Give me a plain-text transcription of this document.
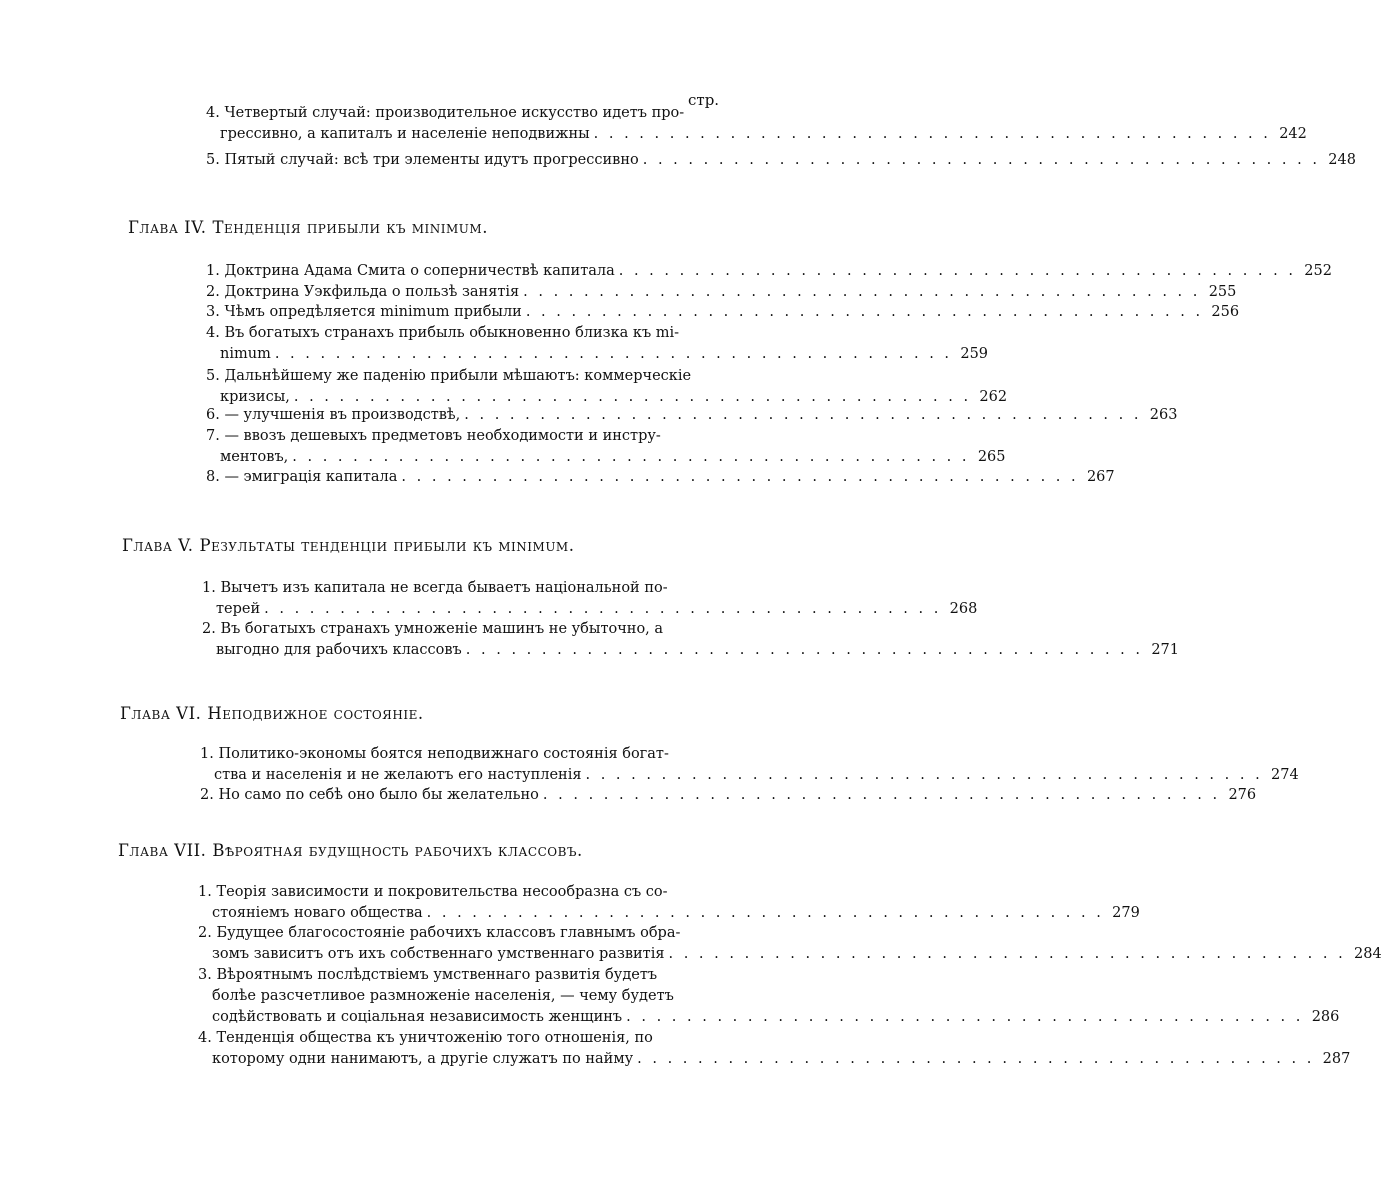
стр.
4. Четвертый случай: производительное искусство идетъ про-
грессивно, а капиталъ и населеніе неподвижны . . . . . . . . . . . . . . . . . . . . . . . . . . . . . . . . . . . . . . . . . . . . . 242
5. Пятый случай: всѣ три элементы идутъ прогрессивно . . . . . . . . . . . . . . . . . . . . . . . . . . . . . . . . . . . . . . . . . . . . . 248
Глава IV. Тенденція прибыли къ minimum.
1. Доктрина Адама Смита о соперничествѣ капитала . . . . . . . . . . . . . . . . . . . . . . . . . . . . . . . . . . . . . . . . . . . . . 252
2. Доктрина Уэкфильда о пользѣ занятія . . . . . . . . . . . . . . . . . . . . . . . . . . . . . . . . . . . . . . . . . . . . . 255
3. Чѣмъ опредѣляется minimum прибыли . . . . . . . . . . . . . . . . . . . . . . . . . . . . . . . . . . . . . . . . . . . . . 256
4. Въ богатыхъ странахъ прибыль обыкновенно близка къ mi-
nimum . . . . . . . . . . . . . . . . . . . . . . . . . . . . . . . . . . . . . . . . . . . . . 259
5. Дальнѣйшему же паденію прибыли мѣшаютъ: коммерческіе
кризисы, . . . . . . . . . . . . . . . . . . . . . . . . . . . . . . . . . . . . . . . . . . . . . 262
6. — улучшенія въ производствѣ, . . . . . . . . . . . . . . . . . . . . . . . . . . . . . . . . . . . . . . . . . . . . . 263
7. — ввозъ дешевыхъ предметовъ необходимости и инстру-
ментовъ, . . . . . . . . . . . . . . . . . . . . . . . . . . . . . . . . . . . . . . . . . . . . . 265
8. — эмиграція капитала . . . . . . . . . . . . . . . . . . . . . . . . . . . . . . . . . . . . . . . . . . . . . 267
Глава V. Результаты тенденціи прибыли къ minimum.
1. Вычетъ изъ капитала не всегда бываетъ національной по-
терей . . . . . . . . . . . . . . . . . . . . . . . . . . . . . . . . . . . . . . . . . . . . . 268
2. Въ богатыхъ странахъ умноженіе машинъ не убыточно, а
выгодно для рабочихъ классовъ . . . . . . . . . . . . . . . . . . . . . . . . . . . . . . . . . . . . . . . . . . . . . 271
Глава VI. Неподвижное состояніе.
1. Политико-экономы боятся неподвижнаго состоянія богат-
ства и населенія и не желаютъ его наступленія . . . . . . . . . . . . . . . . . . . . . . . . . . . . . . . . . . . . . . . . . . . . . 274
2. Но само по себѣ оно было бы желательно . . . . . . . . . . . . . . . . . . . . . . . . . . . . . . . . . . . . . . . . . . . . . 276
Глава VII. Вѣроятная будущность рабочихъ классовъ.
1. Теорія зависимости и покровительства несообразна съ со-
стояніемъ новаго общества . . . . . . . . . . . . . . . . . . . . . . . . . . . . . . . . . . . . . . . . . . . . . 279
2. Будущее благосостояніе рабочихъ классовъ главнымъ обра-
зомъ зависитъ отъ ихъ собственнаго умственнаго развитія . . . . . . . . . . . . . . . . . . . . . . . . . . . . . . . . . . . . . . . . . . . . . 284
3. Вѣроятнымъ послѣдствіемъ умственнаго развитія будетъ
болѣе разсчетливое размноженіе населенія, — чему будетъ
содѣйствовать и соціальная независимость женщинъ . . . . . . . . . . . . . . . . . . . . . . . . . . . . . . . . . . . . . . . . . . . . . 286
4. Тенденція общества къ уничтоженію того отношенія, по
которому одни нанимаютъ, а другіе служатъ по найму . . . . . . . . . . . . . . . . . . . . . . . . . . . . . . . . . . . . . . . . . . . . . 287
